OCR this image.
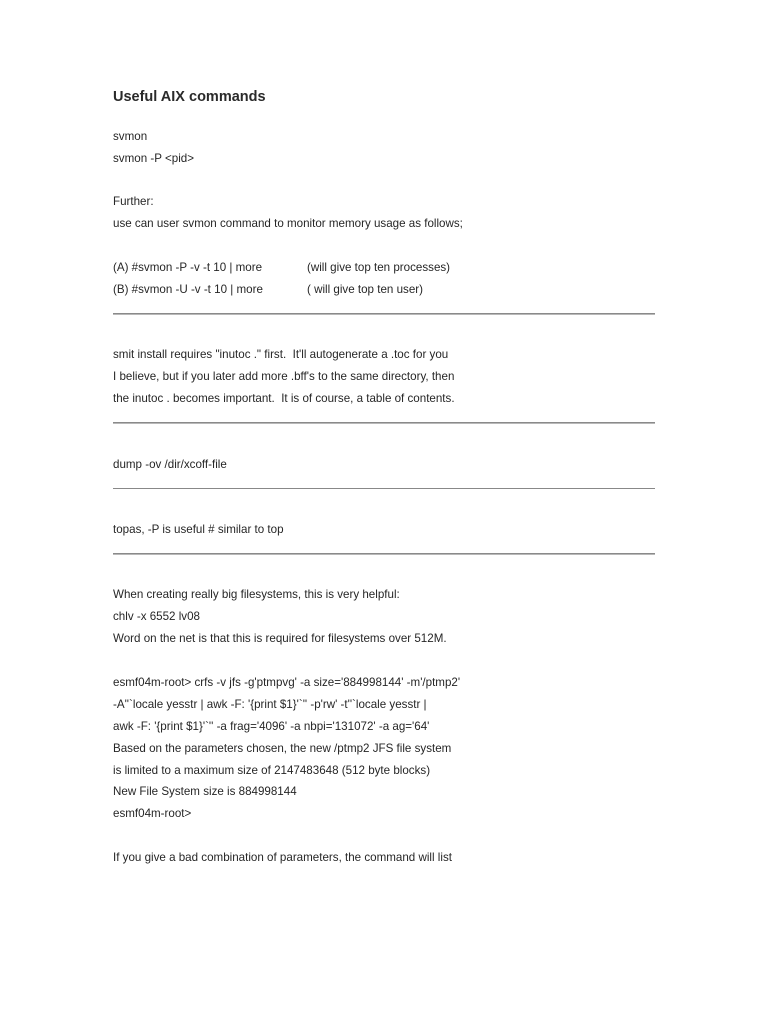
Useful AIX commands
svmon
svmon -P <pid>
Further:
use can user svmon command to monitor memory usage as follows;
(A) #svmon -P -v -t 10 | more	(will give top ten processes)
(B) #svmon -U -v -t 10 | more	( will give top ten user)
smit install requires "inutoc ." first.  It'll autogenerate a .toc for you
I believe, but if you later add more .bff's to the same directory, then
the inutoc . becomes important.  It is of course, a table of contents.
dump -ov /dir/xcoff-file
topas, -P is useful # similar to top
When creating really big filesystems, this is very helpful:
chlv -x 6552 lv08
Word on the net is that this is required for filesystems over 512M.
esmf04m-root> crfs -v jfs -g'ptmpvg' -a size='884998144' -m'/ptmp2'
-A''`locale yesstr | awk -F: '{print $1}'`'' -p'rw' -t''`locale yesstr |
awk -F: '{print $1}'`'' -a frag='4096' -a nbpi='131072' -a ag='64'
Based on the parameters chosen, the new /ptmp2 JFS file system
is limited to a maximum size of 2147483648 (512 byte blocks)
New File System size is 884998144
esmf04m-root>
If you give a bad combination of parameters, the command will list
